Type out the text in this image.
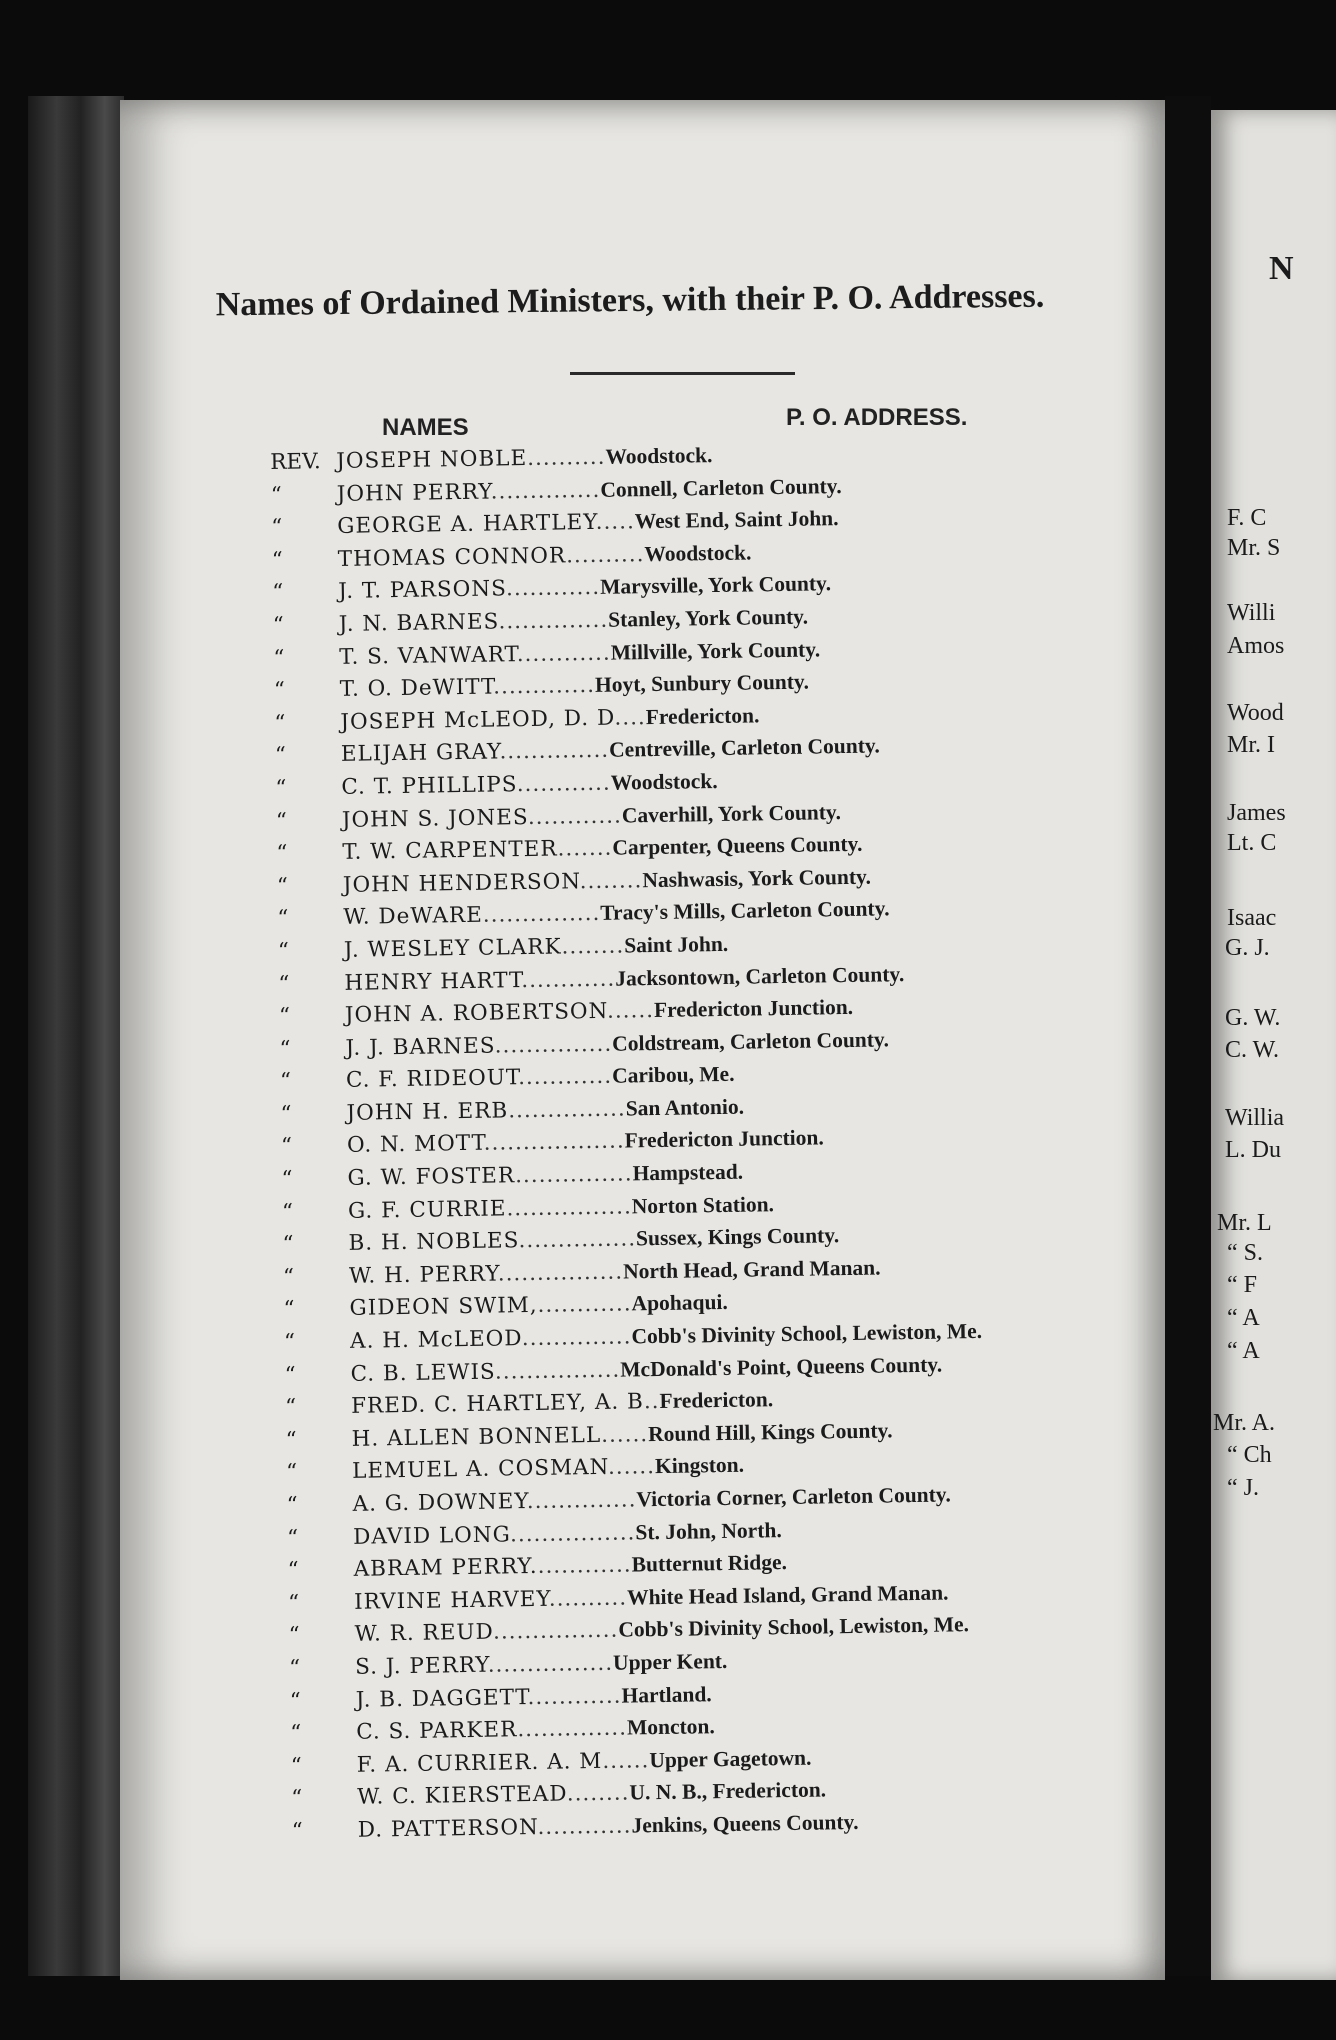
Names of Ordained Ministers, with their P. O. Addresses.
NAMES	P. O. ADDRESS.
REV. JOSEPH NOBLE..........Woodstock.
“	JOHN PERRY..............Connell, Carleton County.
“	GEORGE A. HARTLEY.....West End, Saint John.
“	THOMAS CONNOR..........Woodstock.
“	J. T. PARSONS............Marysville, York County.
“	J. N. BARNES..............Stanley, York County.
“	T. S. VANWART............Millville, York County.
“	T. O. DeWITT.............Hoyt, Sunbury County.
“	JOSEPH McLEOD, D. D....Fredericton.
“	ELIJAH GRAY..............Centreville, Carleton County.
“	C. T. PHILLIPS............Woodstock.
“	JOHN S. JONES............Caverhill, York County.
“	T. W. CARPENTER.......Carpenter, Queens County.
“	JOHN HENDERSON........Nashwasis, York County.
“	W. DeWARE...............Tracy's Mills, Carleton County.
“	J. WESLEY CLARK........Saint John.
“	HENRY HARTT............Jacksontown, Carleton County.
“	JOHN A. ROBERTSON......Fredericton Junction.
“	J. J. BARNES...............Coldstream, Carleton County.
“	C. F. RIDEOUT............Caribou, Me.
“	JOHN H. ERB...............San Antonio.
“	O. N. MOTT..................Fredericton Junction.
“	G. W. FOSTER...............Hampstead.
“	G. F. CURRIE................Norton Station.
“	B. H. NOBLES...............Sussex, Kings County.
“	W. H. PERRY................North Head, Grand Manan.
“	GIDEON SWIM,............Apohaqui.
“	A. H. McLEOD..............Cobb's Divinity School, Lewiston, Me.
“	C. B. LEWIS................McDonald's Point, Queens County.
“	FRED. C. HARTLEY, A. B..Fredericton.
“	H. ALLEN BONNELL......Round Hill, Kings County.
“	LEMUEL A. COSMAN......Kingston.
“	A. G. DOWNEY..............Victoria Corner, Carleton County.
“	DAVID LONG................St. John, North.
“	ABRAM PERRY.............Butternut Ridge.
“	IRVINE HARVEY..........White Head Island, Grand Manan.
“	W. R. REUD................Cobb's Divinity School, Lewiston, Me.
“	S. J. PERRY................Upper Kent.
“	J. B. DAGGETT............Hartland.
“	C. S. PARKER..............Moncton.
“	F. A. CURRIER. A. M......Upper Gagetown.
“	W. C. KIERSTEAD........U. N. B., Fredericton.
“	D. PATTERSON............Jenkins, Queens County.
N
F. C
Mr. S
Willi
Amos
Wood
Mr. I
James
Lt. C
Isaac
G. J.
G. W.
C. W.
Willia
L. Du
Mr. L
“ S.
“ F
“ A
“ A
Mr. A.
“ Ch
“ J.
